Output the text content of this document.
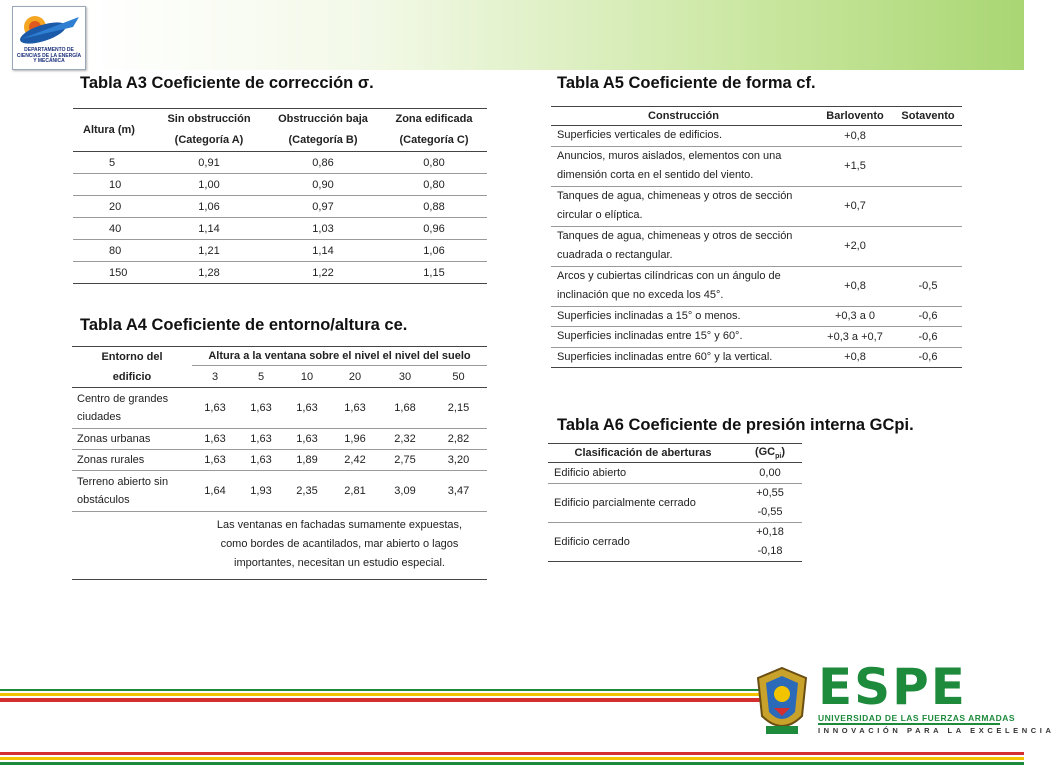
DEPARTAMENTO DE CIENCIAS DE LA ENERGÍA Y MECÁNICA
Tabla A3 Coeficiente de corrección σ.	Tabla A5 Coeficiente de forma cf.
Tabla A4 Coeficiente de entorno/altura ce.
Tabla A6 Coeficiente de presión interna GCpi.
Altura (m)	Sin obstrucción	Obstrucción baja	Zona edificada
	(Categoría A)	(Categoría B)	(Categoría C)
5	0,91	0,86	0,80
10	1,00	0,90	0,80
20	1,06	0,97	0,88
40	1,14	1,03	0,96
80	1,21	1,14	1,06
150	1,28	1,22	1,15
Entorno del
edificio	Altura a la ventana sobre el nivel el nivel del suelo					
	3	5	10	20	30	50
Centro de grandes
ciudades	1,63	1,63	1,63	1,63	1,68	2,15
Zonas urbanas	1,63	1,63	1,63	1,96	2,32	2,82
Zonas rurales	1,63	1,63	1,89	2,42	2,75	3,20
Terreno abierto sin
obstáculos	1,64	1,93	2,35	2,81	3,09	3,47
	Las ventanas en fachadas sumamente expuestas,
como bordes de acantilados, mar abierto o lagos
importantes, necesitan un estudio especial.					
Construcción	Barlovento	Sotavento
Superficies verticales de edificios.	+0,8	
Anuncios, muros aislados, elementos con una
dimensión corta en el sentido del viento.	+1,5	
Tanques de agua, chimeneas y otros de sección
circular o elíptica.	+0,7	
Tanques de agua, chimeneas y otros de sección
cuadrada o rectangular.	+2,0	
Arcos y cubiertas cilíndricas con un ángulo de
inclinación que no exceda los 45°.	+0,8	-0,5
Superficies inclinadas a 15° o menos.	+0,3 a 0	-0,6
Superficies inclinadas entre 15° y 60°.	+0,3 a +0,7	-0,6
Superficies inclinadas entre 60° y la vertical.	+0,8	-0,6
Clasificación de aberturas	$(GC_{pi})$
Edificio abierto	0,00
Edificio parcialmente cerrado	+0,55
-0,55
Edificio cerrado	+0,18
-0,18
ESPE
UNIVERSIDAD DE LAS FUERZAS ARMADAS
INNOVACIÓN PARA LA EXCELENCIA
